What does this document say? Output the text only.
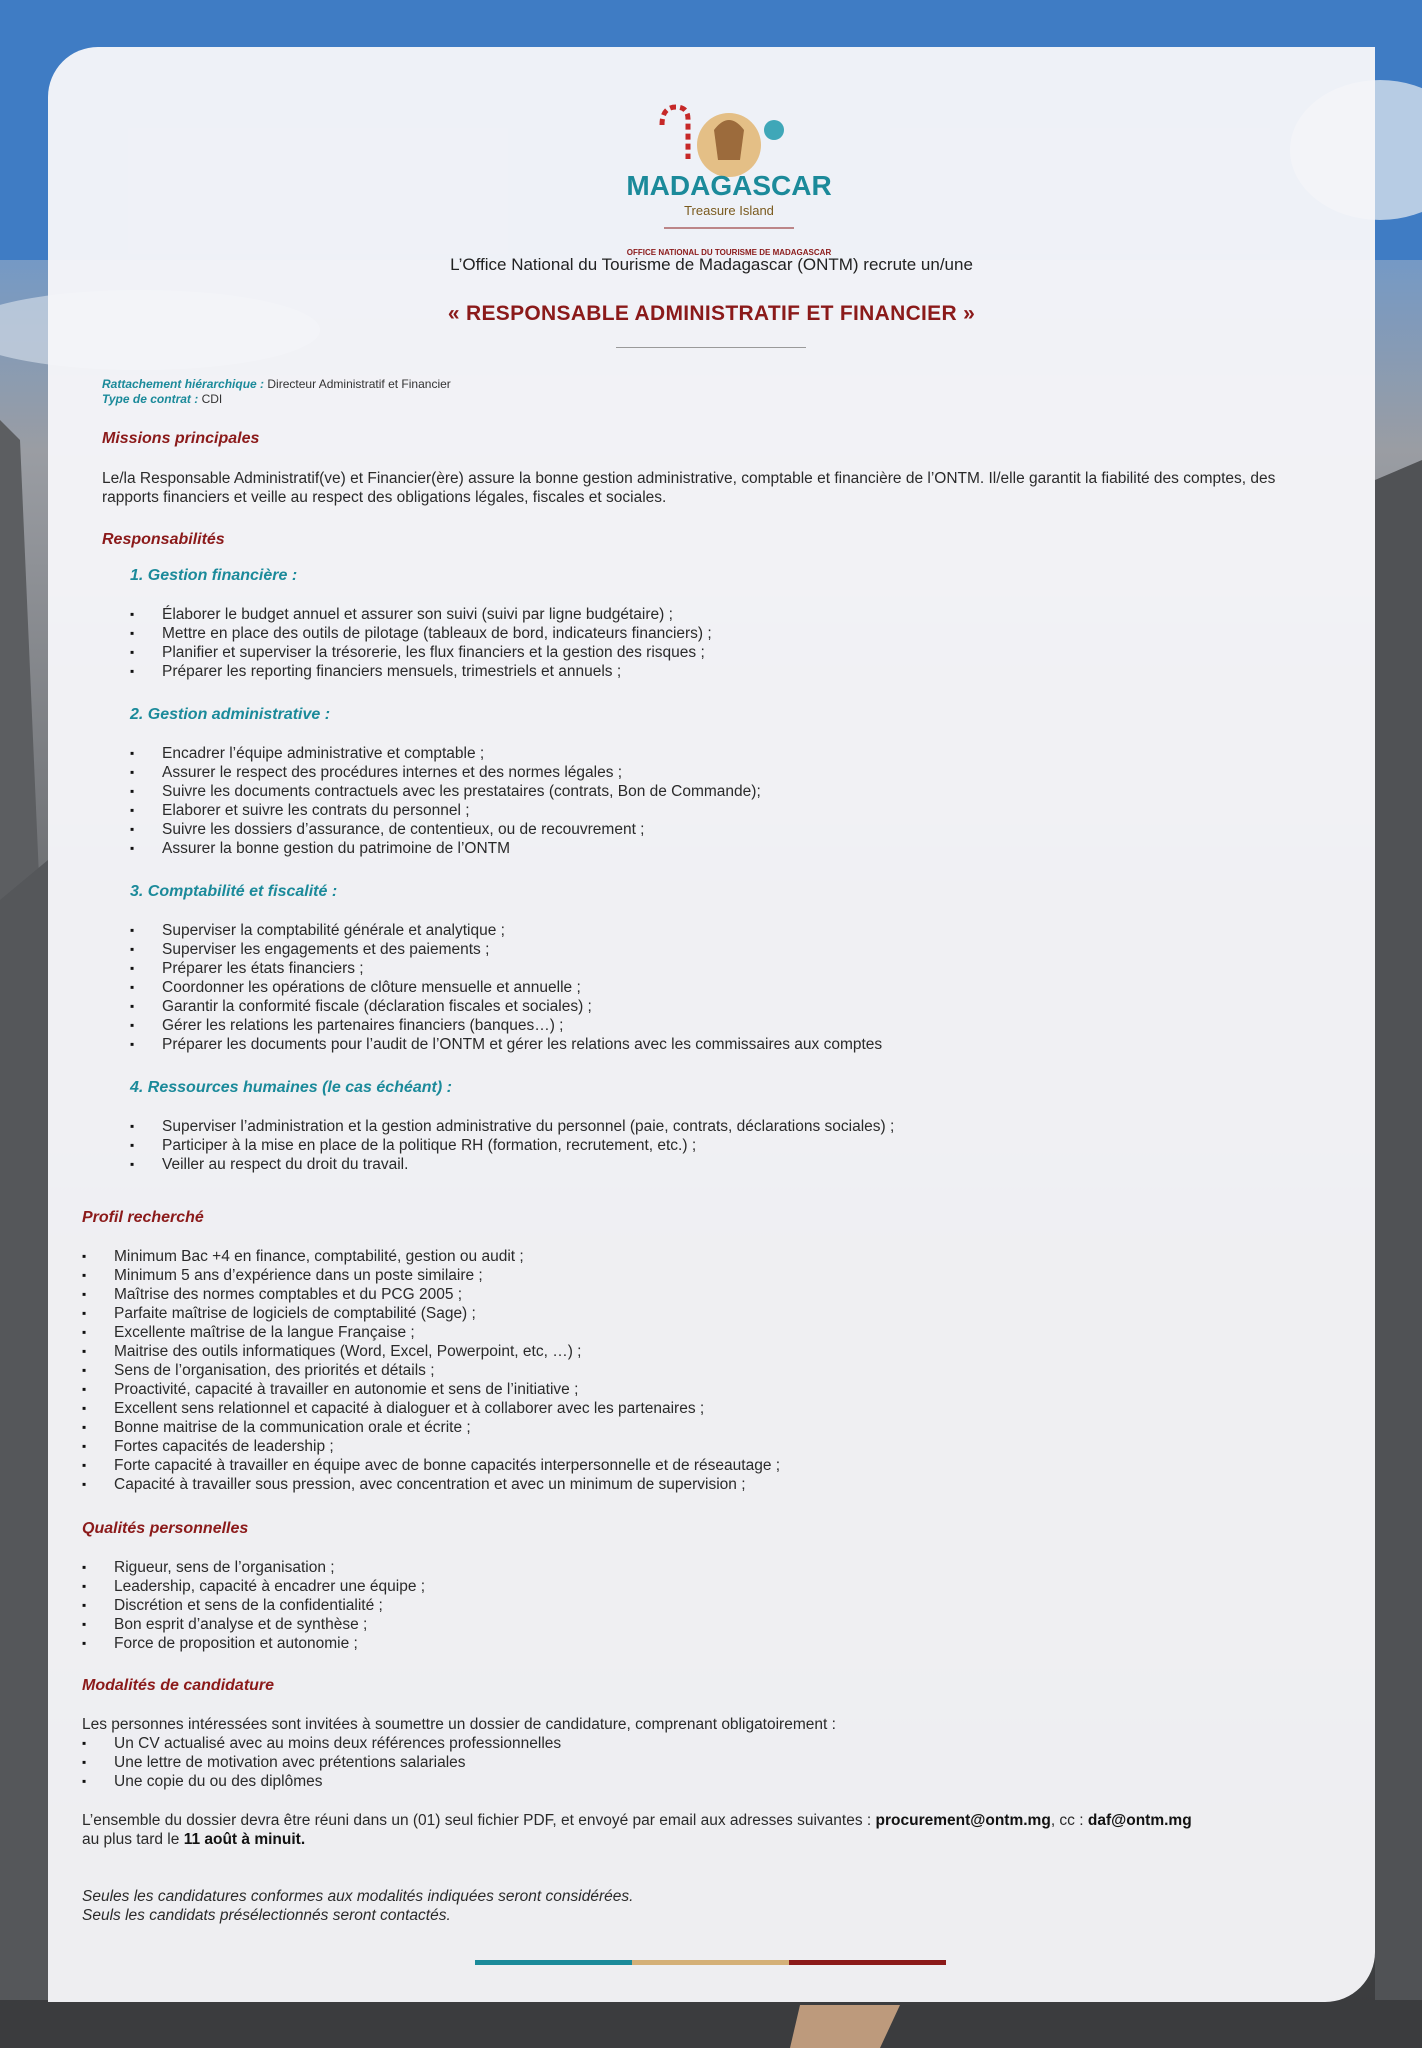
MADAGASCAR
Treasure Island
OFFICE NATIONAL DU TOURISME DE MADAGASCAR
L’Office National du Tourisme de Madagascar (ONTM) recrute un/une
« RESPONSABLE ADMINISTRATIF ET FINANCIER »
Rattachement hiérarchique : Directeur Administratif et Financier
Type de contrat : CDI
Missions principales

Le/la Responsable Administratif(ve) et Financier(ère) assure la bonne gestion administrative, comptable et financière de l’ONTM. Il/elle garantit la fiabilité des comptes, des rapports financiers et veille au respect des obligations légales, fiscales et sociales.

Responsabilités
1. Gestion financière :
▪ Élaborer le budget annuel et assurer son suivi (suivi par ligne budgétaire) ;
▪ Mettre en place des outils de pilotage (tableaux de bord, indicateurs financiers) ;
▪ Planifier et superviser la trésorerie, les flux financiers et la gestion des risques ;
▪ Préparer les reporting financiers mensuels, trimestriels et annuels ;
2. Gestion administrative :
▪ Encadrer l’équipe administrative et comptable ;
▪ Assurer le respect des procédures internes et des normes légales ;
▪ Suivre les documents contractuels avec les prestataires (contrats, Bon de Commande);
▪ Elaborer et suivre les contrats du personnel ;
▪ Suivre les dossiers d’assurance, de contentieux, ou de recouvrement ;
▪ Assurer la bonne gestion du patrimoine de l’ONTM
3. Comptabilité et fiscalité :
▪ Superviser la comptabilité générale et analytique ;
▪ Superviser les engagements et des paiements ;
▪ Préparer les états financiers ;
▪ Coordonner les opérations de clôture mensuelle et annuelle ;
▪ Garantir la conformité fiscale (déclaration fiscales et sociales) ;
▪ Gérer les relations les partenaires financiers (banques…) ;
▪ Préparer les documents pour l’audit de l’ONTM et gérer les relations avec les commissaires aux comptes
4. Ressources humaines (le cas échéant) :
▪ Superviser l’administration et la gestion administrative du personnel (paie, contrats, déclarations sociales) ;
▪ Participer à la mise en place de la politique RH (formation, recrutement, etc.) ;
▪ Veiller au respect du droit du travail.
Profil recherché
▪ Minimum Bac +4 en finance, comptabilité, gestion ou audit ;
▪ Minimum 5 ans d’expérience dans un poste similaire ;
▪ Maîtrise des normes comptables et du PCG 2005 ;
▪ Parfaite maîtrise de logiciels de comptabilité (Sage) ;
▪ Excellente maîtrise de la langue Française ;
▪ Maitrise des outils informatiques (Word, Excel, Powerpoint, etc, …) ;
▪ Sens de l’organisation, des priorités et détails ;
▪ Proactivité, capacité à travailler en autonomie et sens de l’initiative ;
▪ Excellent sens relationnel et capacité à dialoguer et à collaborer avec les partenaires ;
▪ Bonne maitrise de la communication orale et écrite ;
▪ Fortes capacités de leadership ;
▪ Forte capacité à travailler en équipe avec de bonne capacités interpersonnelle et de réseautage ;
▪ Capacité à travailler sous pression, avec concentration et avec un minimum de supervision ;
Qualités personnelles
▪ Rigueur, sens de l’organisation ;
▪ Leadership, capacité à encadrer une équipe ;
▪ Discrétion et sens de la confidentialité ;
▪ Bon esprit d’analyse et de synthèse ;
▪ Force de proposition et autonomie ;
Modalités de candidature

Les personnes intéressées sont invitées à soumettre un dossier de candidature, comprenant obligatoirement :

▪ Un CV actualisé avec au moins deux références professionnelles
▪ Une lettre de motivation avec prétentions salariales
▪ Une copie du ou des diplômes

L’ensemble du dossier devra être réuni dans un (01) seul fichier PDF, et envoyé par email aux adresses suivantes : procurement@ontm.mg, cc : daf@ontm.mg
au plus tard le 11 août à minuit.

Seules les candidatures conformes aux modalités indiquées seront considérées.
Seuls les candidats présélectionnés seront contactés.
